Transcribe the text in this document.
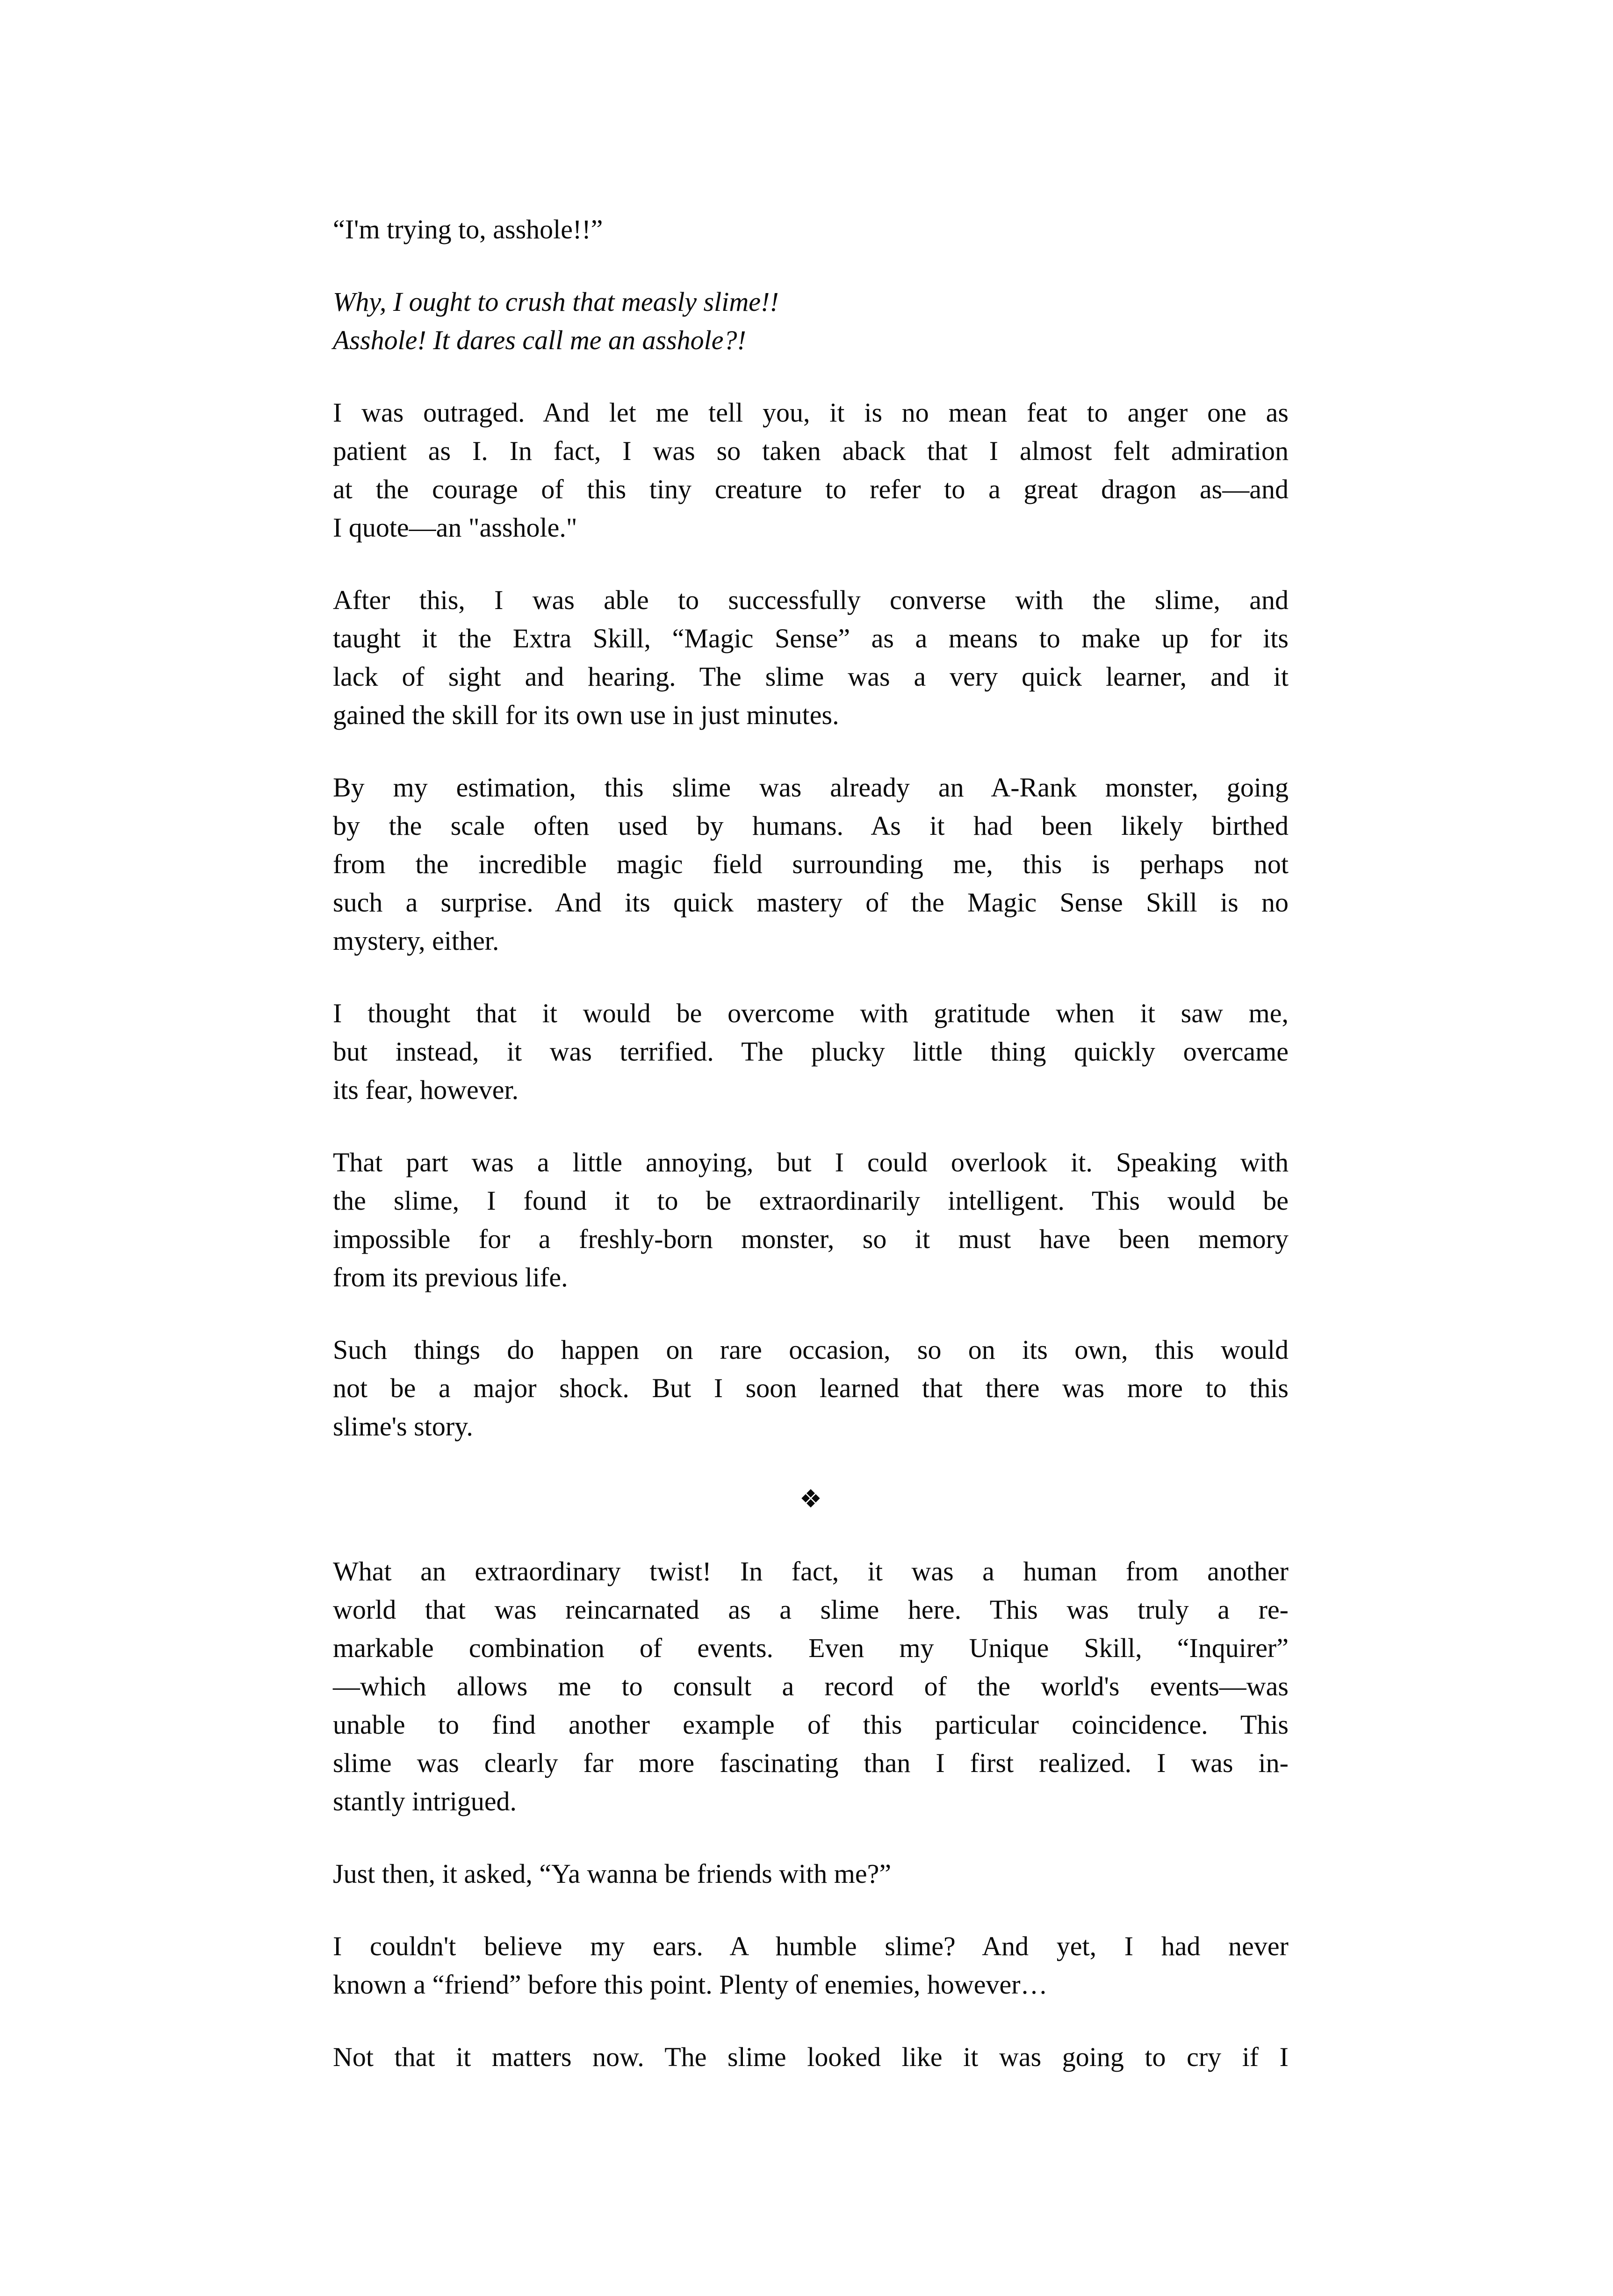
“I'm trying to, asshole!!”

Why, I ought to crush that measly slime!!
Asshole! It dares call me an asshole?!

I was outraged. And let me tell you, it is no mean feat to anger one as
patient as I. In fact, I was so taken aback that I almost felt admiration
at the courage of this tiny creature to refer to a great dragon as—and
I quote—an "asshole."

After this, I was able to successfully converse with the slime, and
taught it the Extra Skill, “Magic Sense” as a means to make up for its
lack of sight and hearing. The slime was a very quick learner, and it
gained the skill for its own use in just minutes.

By my estimation, this slime was already an A-Rank monster, going
by the scale often used by humans. As it had been likely birthed
from the incredible magic field surrounding me, this is perhaps not
such a surprise. And its quick mastery of the Magic Sense Skill is no
mystery, either.

I thought that it would be overcome with gratitude when it saw me,
but instead, it was terrified. The plucky little thing quickly overcame
its fear, however.

That part was a little annoying, but I could overlook it. Speaking with
the slime, I found it to be extraordinarily intelligent. This would be
impossible for a freshly-born monster, so it must have been memory
from its previous life.

Such things do happen on rare occasion, so on its own, this would
not be a major shock. But I soon learned that there was more to this
slime's story.

❖

What an extraordinary twist! In fact, it was a human from another
world that was reincarnated as a slime here. This was truly a re-
markable combination of events. Even my Unique Skill, “Inquirer”
—which allows me to consult a record of the world's events—was
unable to find another example of this particular coincidence. This
slime was clearly far more fascinating than I first realized. I was in-
stantly intrigued.

Just then, it asked, “Ya wanna be friends with me?”

I couldn't believe my ears. A humble slime? And yet, I had never
known a “friend” before this point. Plenty of enemies, however…

Not that it matters now. The slime looked like it was going to cry if I
